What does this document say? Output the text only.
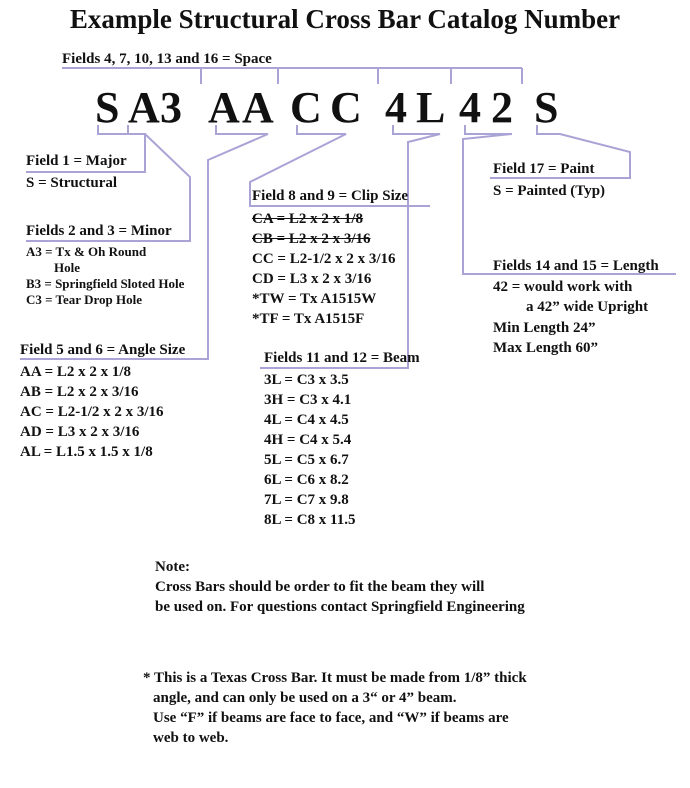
Example Structural Cross Bar Catalog Number
Fields 4, 7, 10, 13 and 16 = Space
S A 3 A A C C 4 L 4 2 S
Field 1 = Major
S = Structural
Fields 2 and 3 = Minor
A3 = Tx & Oh Round
Hole
B3 = Springfield Sloted Hole
C3 = Tear Drop Hole
Field 5 and 6 = Angle Size
AA = L2 x 2 x 1/8
AB = L2 x 2 x 3/16
AC = L2-1/2 x 2 x 3/16
AD = L3 x 2 x 3/16
AL = L1.5 x 1.5 x 1/8
Field 8 and 9 = Clip Size
CA = L2 x 2 x 1/8
CB = L2 x 2 x 3/16
CC = L2-1/2 x 2 x 3/16
CD = L3 x 2 x 3/16
*TW = Tx A1515W
*TF = Tx A1515F
Fields 11 and 12 = Beam
3L = C3 x 3.5
3H = C3 x 4.1
4L = C4 x 4.5
4H = C4 x 5.4
5L = C5 x 6.7
6L = C6 x 8.2
7L = C7 x 9.8
8L = C8 x 11.5
Fields 14 and 15 = Length
42 = would work with
a 42” wide Upright
Min Length 24”
Max Length 60”
Field 17 = Paint
S = Painted (Typ)
Note:
Cross Bars should be order to fit the beam they will
be used on. For questions contact Springfield Engineering
* This is a Texas Cross Bar. It must be made from 1/8” thick
angle, and can only be used on a 3“ or 4” beam.
Use “F” if beams are face to face, and “W” if beams are
web to web.
